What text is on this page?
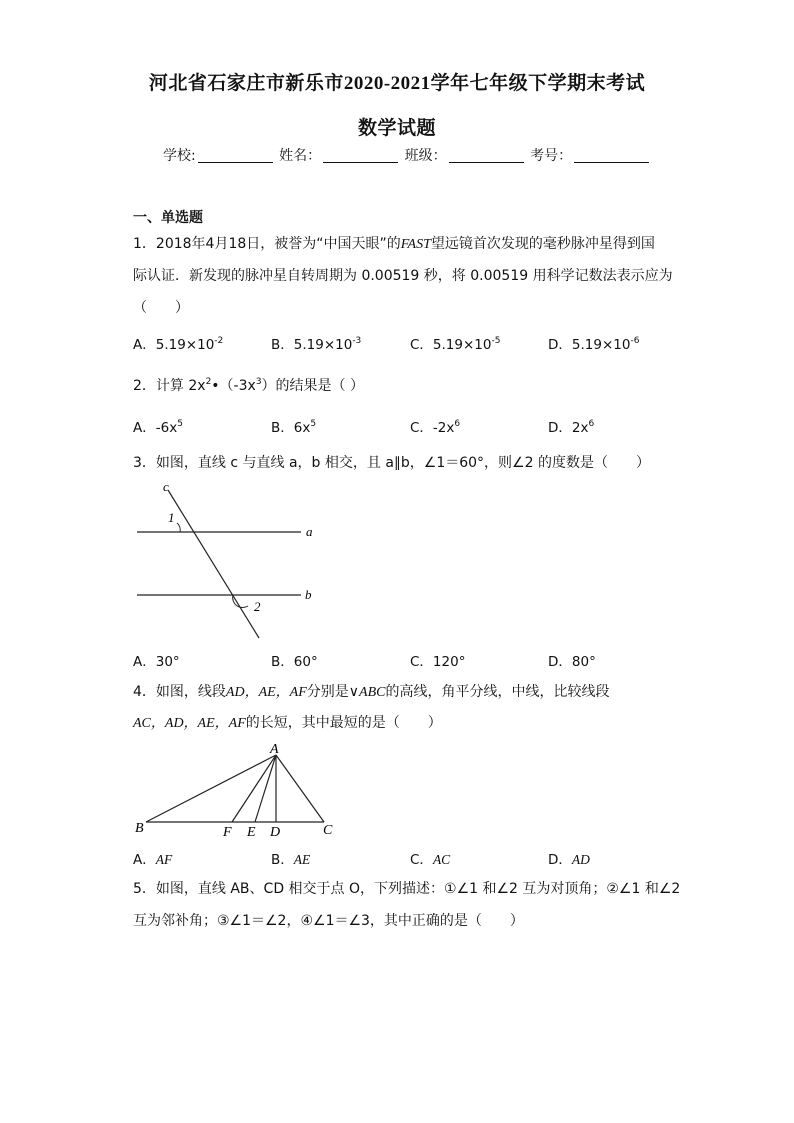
河北省石家庄市新乐市2020-2021学年七年级下学期末考试
数学试题
学校:	姓名：	班级：	考号：
一、单选题
1．2018年4月18日，被誉为“中国天眼”的FAST望远镜首次发现的毫秒脉冲星得到国
际认证．新发现的脉冲星自转周期为 0.00519 秒，将 0.00519 用科学记数法表示应为
（　　）
A．$5.19\times 10^{-2}$	B．$5.19\times 10^{-3}$	C．$5.19\times 10^{-5}$	D．$5.19\times 10^{-6}$
2．计算 $2x^2•(-3x^3)$的结果是（ ）
A．$-6x^5$	B．$6x^5$	C．$-2x^6$	D．$2x^6$
3．如图，直线 c 与直线 a，b 相交，且 a∥b，∠1＝60°，则∠2 的度数是（　　）
c
a
b
1
2
A．30°	B．60°	C．120°	D．80°
4．如图，线段AD，AE，AF分别是∨ABC的高线，角平分线，中线，比较线段
AC，AD，AE，AF的长短，其中最短的是（　　）
A
B	C
F E D
A．AF	B．AE	C．AC	D．AD
5．如图，直线 AB、CD 相交于点 O，下列描述：①∠1 和∠2 互为对顶角；②∠1 和∠2
互为邻补角；③∠1＝∠2，④∠1＝∠3，其中正确的是（　　）
